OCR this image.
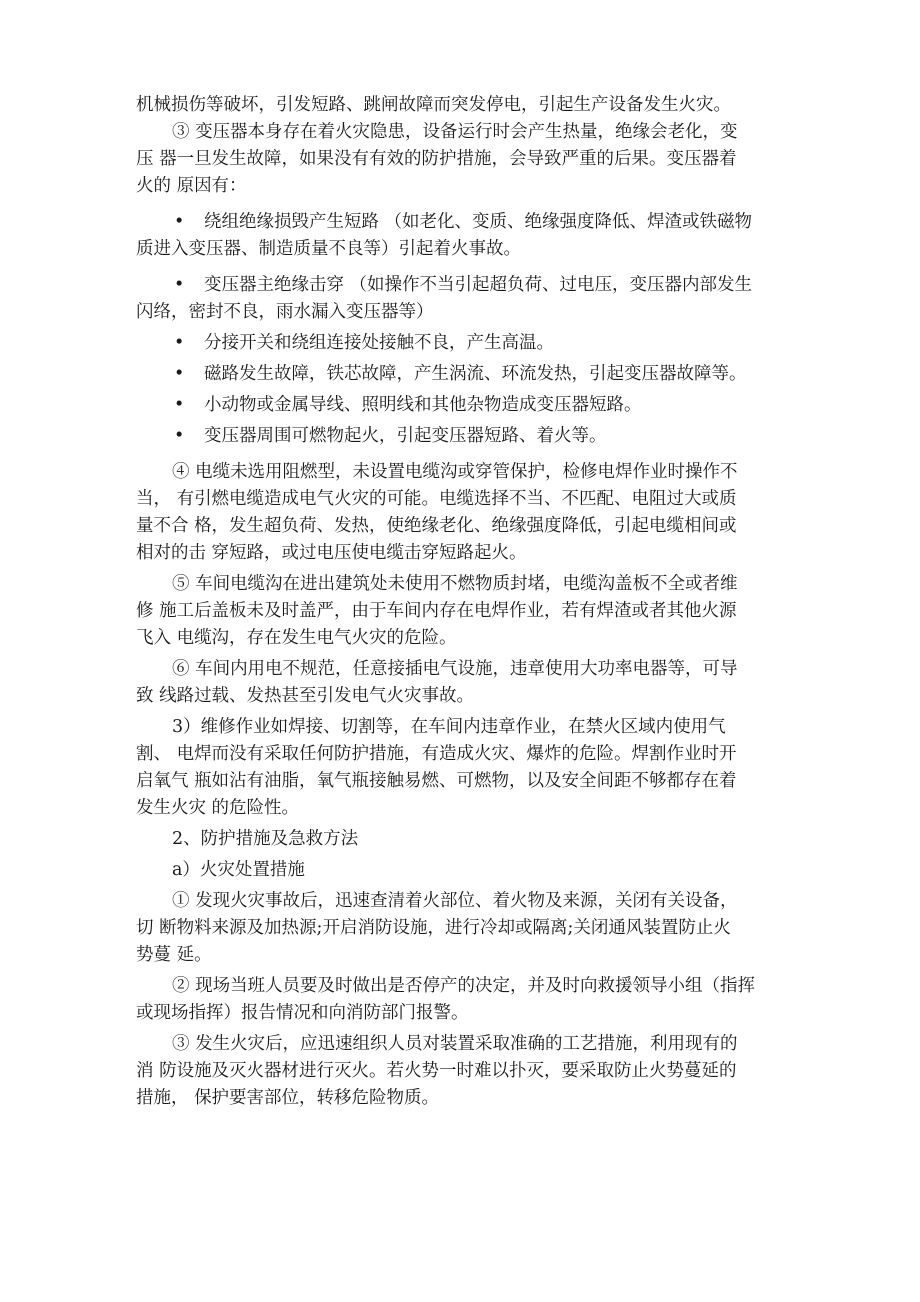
机械损伤等破坏，引发短路、跳闸故障而突发停电，引起生产设备发生火灾。
③ 变压器本身存在着火灾隐患，设备运行时会产生热量，绝缘会老化，变
压 器一旦发生故障，如果没有有效的防护措施，会导致严重的后果。变压器着
火的 原因有：
• 绕组绝缘损毁产生短路 （如老化、变质、绝缘强度降低、焊渣或铁磁物
质进入变压器、制造质量不良等）引起着火事故。
• 变压器主绝缘击穿 （如操作不当引起超负荷、过电压，变压器内部发生
闪络，密封不良，雨水漏入变压器等）
• 分接开关和绕组连接处接触不良，产生高温。
• 磁路发生故障，铁芯故障，产生涡流、环流发热，引起变压器故障等。
• 小动物或金属导线、照明线和其他杂物造成变压器短路。
• 变压器周围可燃物起火，引起变压器短路、着火等。
④ 电缆未选用阻燃型，未设置电缆沟或穿管保护，检修电焊作业时操作不
当， 有引燃电缆造成电气火灾的可能。电缆选择不当、不匹配、电阻过大或质
量不合 格，发生超负荷、发热，使绝缘老化、绝缘强度降低，引起电缆相间或
相对的击 穿短路，或过电压使电缆击穿短路起火。
⑤ 车间电缆沟在进出建筑处未使用不燃物质封堵，电缆沟盖板不全或者维
修 施工后盖板未及时盖严，由于车间内存在电焊作业，若有焊渣或者其他火源
飞入 电缆沟，存在发生电气火灾的危险。
⑥ 车间内用电不规范，任意接插电气设施，违章使用大功率电器等，可导
致 线路过载、发热甚至引发电气火灾事故。
3）维修作业如焊接、切割等，在车间内违章作业，在禁火区域内使用气
割、 电焊而没有采取任何防护措施，有造成火灾、爆炸的危险。焊割作业时开
启氧气 瓶如沾有油脂，氧气瓶接触易燃、可燃物，以及安全间距不够都存在着
发生火灾 的危险性。
2、防护措施及急救方法
a）火灾处置措施
① 发现火灾事故后，迅速查清着火部位、着火物及来源，关闭有关设备，
切 断物料来源及加热源;开启消防设施，进行冷却或隔离;关闭通风装置防止火
势蔓 延。
② 现场当班人员要及时做出是否停产的决定，并及时向救援领导小组（指挥
或现场指挥）报告情况和向消防部门报警。
③ 发生火灾后，应迅速组织人员对装置采取准确的工艺措施，利用现有的
消 防设施及灭火器材进行灭火。若火势一时难以扑灭，要采取防止火势蔓延的
措施， 保护要害部位，转移危险物质。
